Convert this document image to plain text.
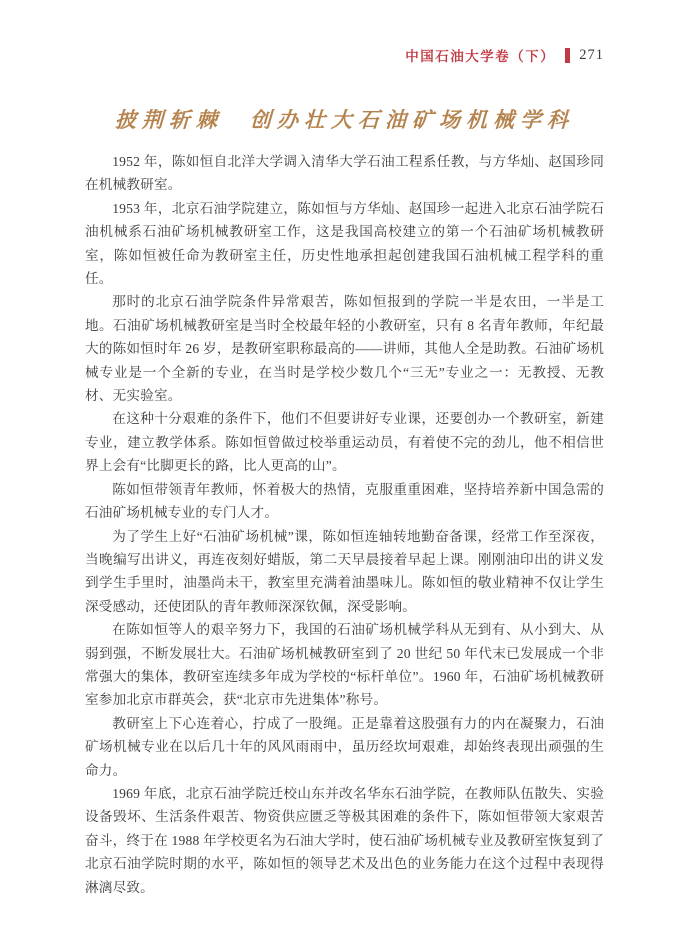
中国石油大学卷（下） 271
披荆斩棘　创办壮大石油矿场机械学科

1952 年，陈如恒自北洋大学调入清华大学石油工程系任教，与方华灿、赵国珍同在机械教研室。

1953 年，北京石油学院建立，陈如恒与方华灿、赵国珍一起进入北京石油学院石油机械系石油矿场机械教研室工作，这是我国高校建立的第一个石油矿场机械教研室，陈如恒被任命为教研室主任，历史性地承担起创建我国石油机械工程学科的重任。

那时的北京石油学院条件异常艰苦，陈如恒报到的学院一半是农田，一半是工地。石油矿场机械教研室是当时全校最年轻的小教研室，只有 8 名青年教师，年纪最大的陈如恒时年 26 岁，是教研室职称最高的——讲师，其他人全是助教。石油矿场机械专业是一个全新的专业，在当时是学校少数几个“三无”专业之一：无教授、无教材、无实验室。

在这种十分艰难的条件下，他们不但要讲好专业课，还要创办一个教研室，新建专业，建立教学体系。陈如恒曾做过校举重运动员，有着使不完的劲儿，他不相信世界上会有“比脚更长的路，比人更高的山”。

陈如恒带领青年教师，怀着极大的热情，克服重重困难，坚持培养新中国急需的石油矿场机械专业的专门人才。

为了学生上好“石油矿场机械”课，陈如恒连轴转地勤奋备课，经常工作至深夜，当晚编写出讲义，再连夜刻好蜡版，第二天早晨接着早起上课。刚刚油印出的讲义发到学生手里时，油墨尚未干，教室里充满着油墨味儿。陈如恒的敬业精神不仅让学生深受感动，还使团队的青年教师深深钦佩，深受影响。

在陈如恒等人的艰辛努力下，我国的石油矿场机械学科从无到有、从小到大、从弱到强，不断发展壮大。石油矿场机械教研室到了 20 世纪 50 年代末已发展成一个非常强大的集体，教研室连续多年成为学校的“标杆单位”。1960 年，石油矿场机械教研室参加北京市群英会，获“北京市先进集体”称号。

教研室上下心连着心，拧成了一股绳。正是靠着这股强有力的内在凝聚力，石油矿场机械专业在以后几十年的风风雨雨中，虽历经坎坷艰难，却始终表现出顽强的生命力。

1969 年底，北京石油学院迁校山东并改名华东石油学院，在教师队伍散失、实验设备毁坏、生活条件艰苦、物资供应匮乏等极其困难的条件下，陈如恒带领大家艰苦奋斗，终于在 1988 年学校更名为石油大学时，使石油矿场机械专业及教研室恢复到了北京石油学院时期的水平，陈如恒的领导艺术及出色的业务能力在这个过程中表现得淋漓尽致。
